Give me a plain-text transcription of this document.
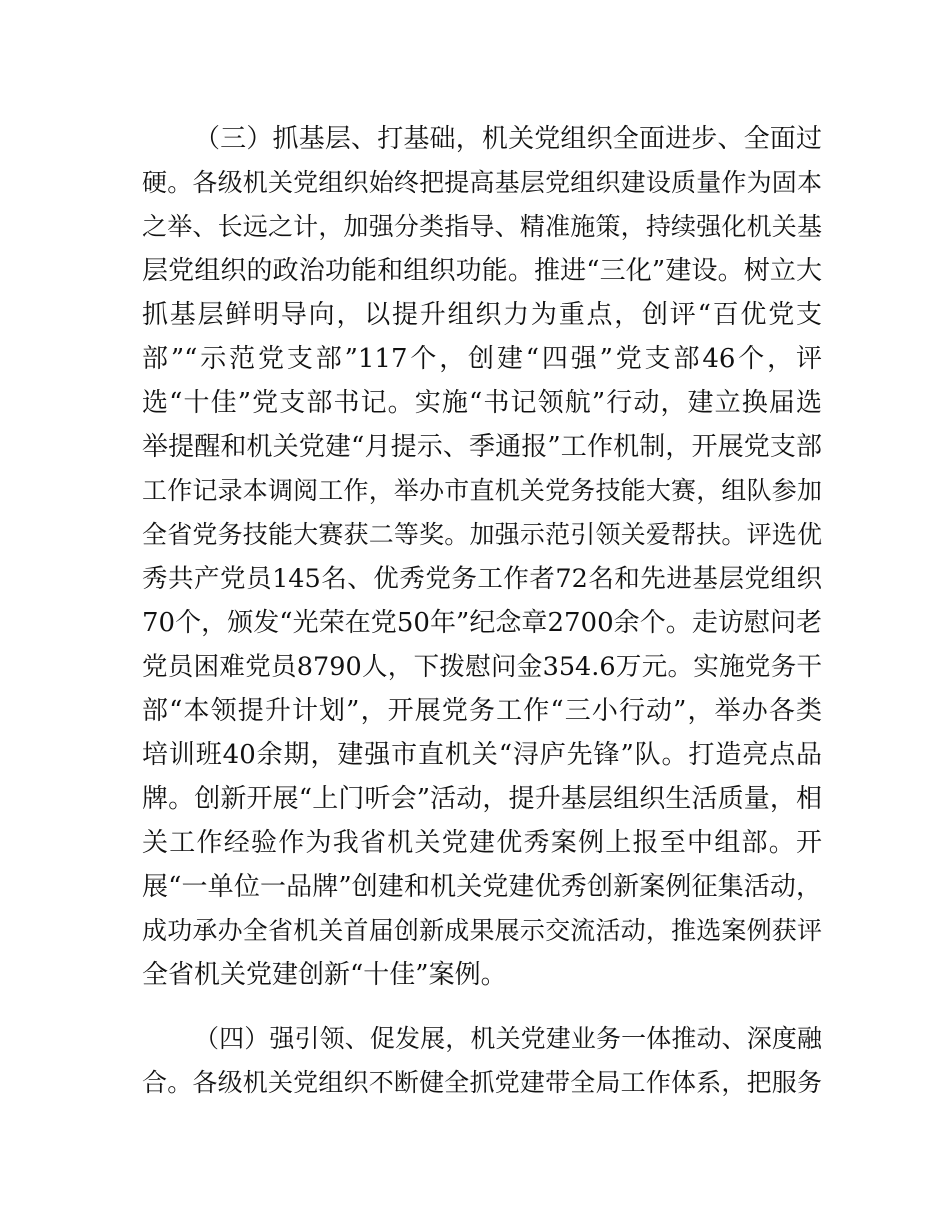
（三）抓基层、打基础，机关党组织全面进步、全面过
硬。各级机关党组织始终把提高基层党组织建设质量作为固本
之举、长远之计，加强分类指导、精准施策，持续强化机关基
层党组织的政治功能和组织功能。推进“三化”建设。树立大
抓基层鲜明导向，以提升组织力为重点，创评“百优党支
部”“示范党支部”117个，创建“四强”党支部46个，评
选“十佳”党支部书记。实施“书记领航”行动，建立换届选
举提醒和机关党建“月提示、季通报”工作机制，开展党支部
工作记录本调阅工作，举办市直机关党务技能大赛，组队参加
全省党务技能大赛获二等奖。加强示范引领关爱帮扶。评选优
秀共产党员145名、优秀党务工作者72名和先进基层党组织
70个，颁发“光荣在党50年”纪念章2700余个。走访慰问老
党员困难党员8790人，下拨慰问金354.6万元。实施党务干
部“本领提升计划”，开展党务工作“三小行动”，举办各类
培训班40余期，建强市直机关“浔庐先锋”队。打造亮点品
牌。创新开展“上门听会”活动，提升基层组织生活质量，相
关工作经验作为我省机关党建优秀案例上报至中组部。开
展“一单位一品牌”创建和机关党建优秀创新案例征集活动，
成功承办全省机关首届创新成果展示交流活动，推选案例获评
全省机关党建创新“十佳”案例。
（四）强引领、促发展，机关党建业务一体推动、深度融
合。各级机关党组织不断健全抓党建带全局工作体系，把服务
